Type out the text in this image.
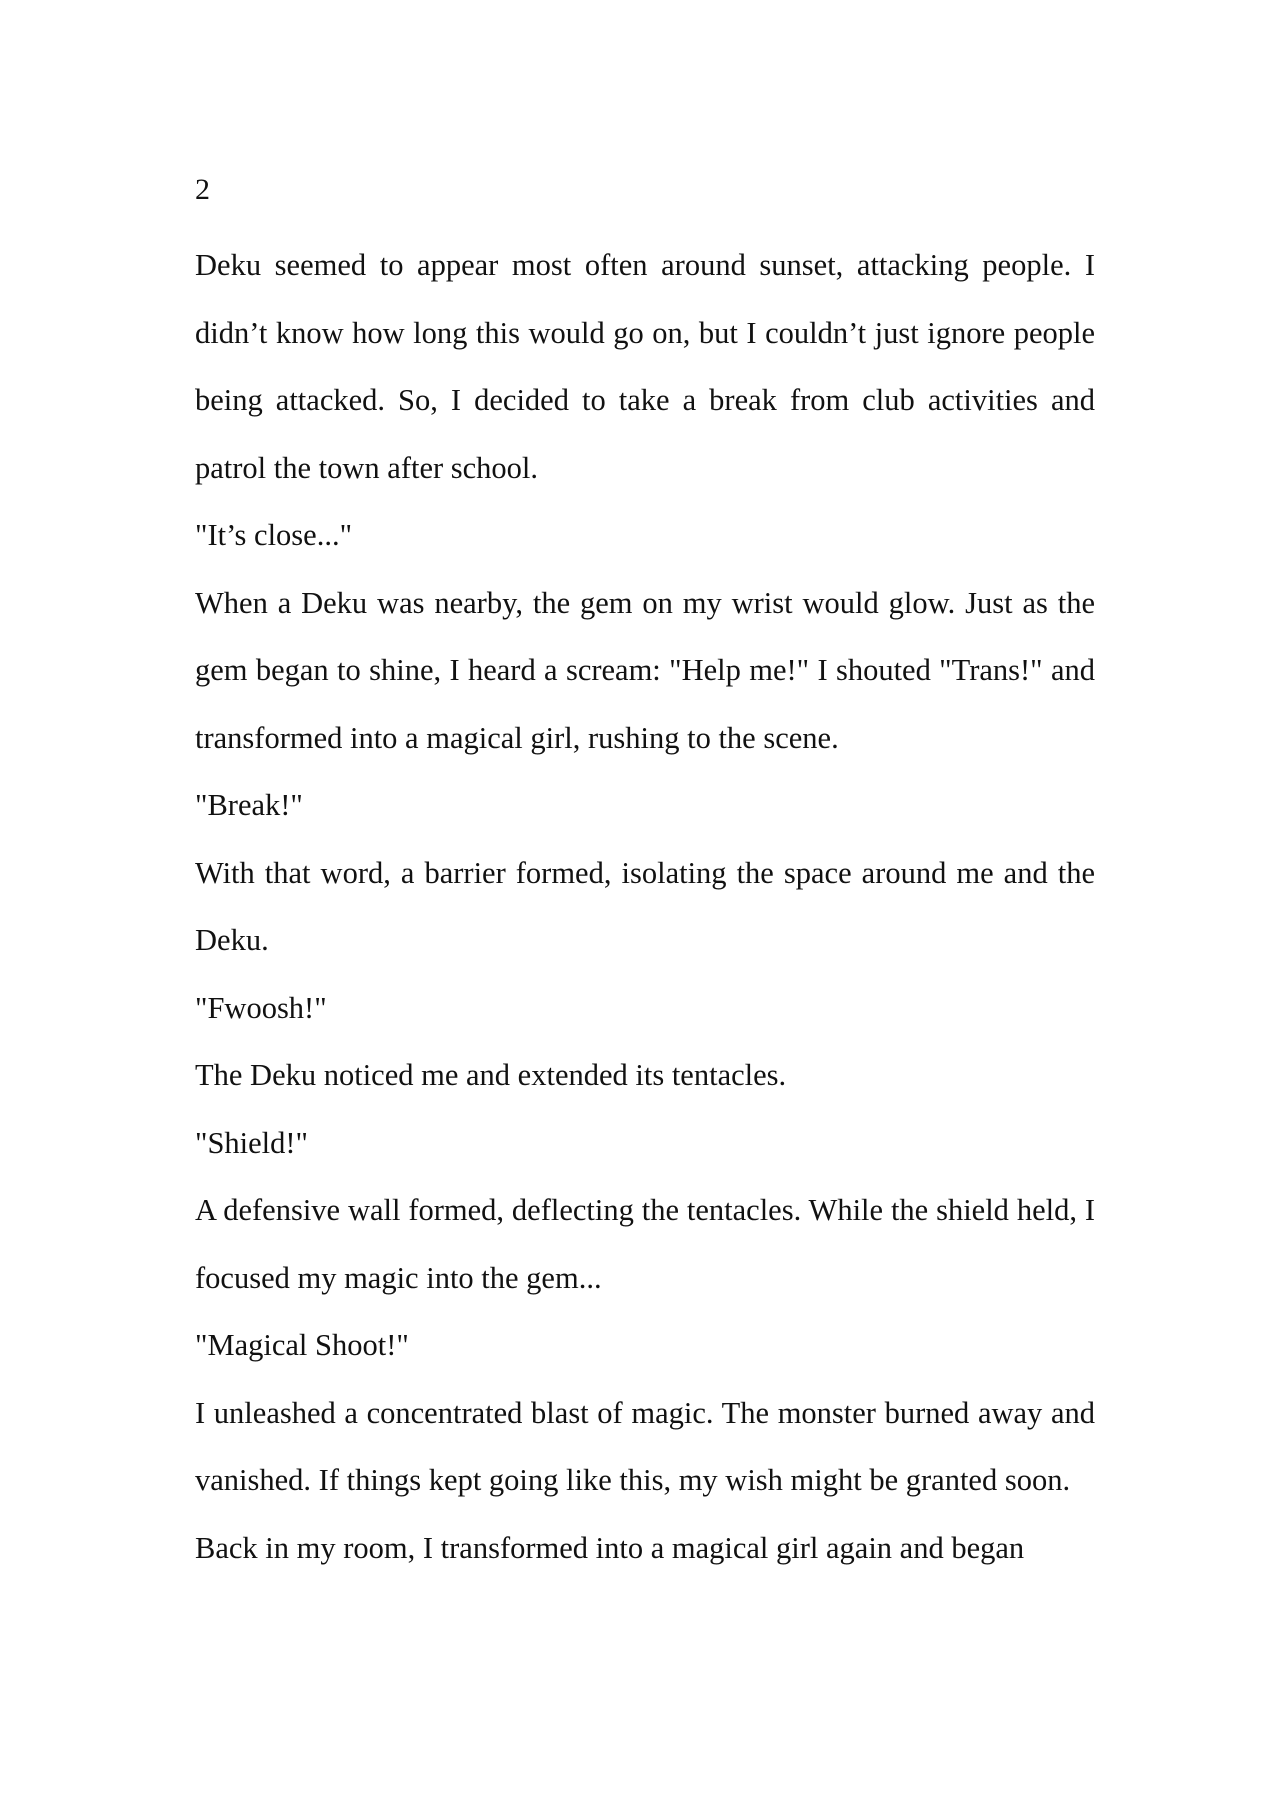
2

Deku seemed to appear most often around sunset, attacking people. I didn’t know how long this would go on, but I couldn’t just ignore people being attacked. So, I decided to take a break from club activities and patrol the town after school.

"It’s close..."

When a Deku was nearby, the gem on my wrist would glow. Just as the gem began to shine, I heard a scream: "Help me!" I shouted "Trans!" and transformed into a magical girl, rushing to the scene.

"Break!"

With that word, a barrier formed, isolating the space around me and the Deku.

"Fwoosh!"

The Deku noticed me and extended its tentacles.

"Shield!"

A defensive wall formed, deflecting the tentacles. While the shield held, I focused my magic into the gem...

"Magical Shoot!"

I unleashed a concentrated blast of magic. The monster burned away and vanished. If things kept going like this, my wish might be granted soon.

Back in my room, I transformed into a magical girl again and began
